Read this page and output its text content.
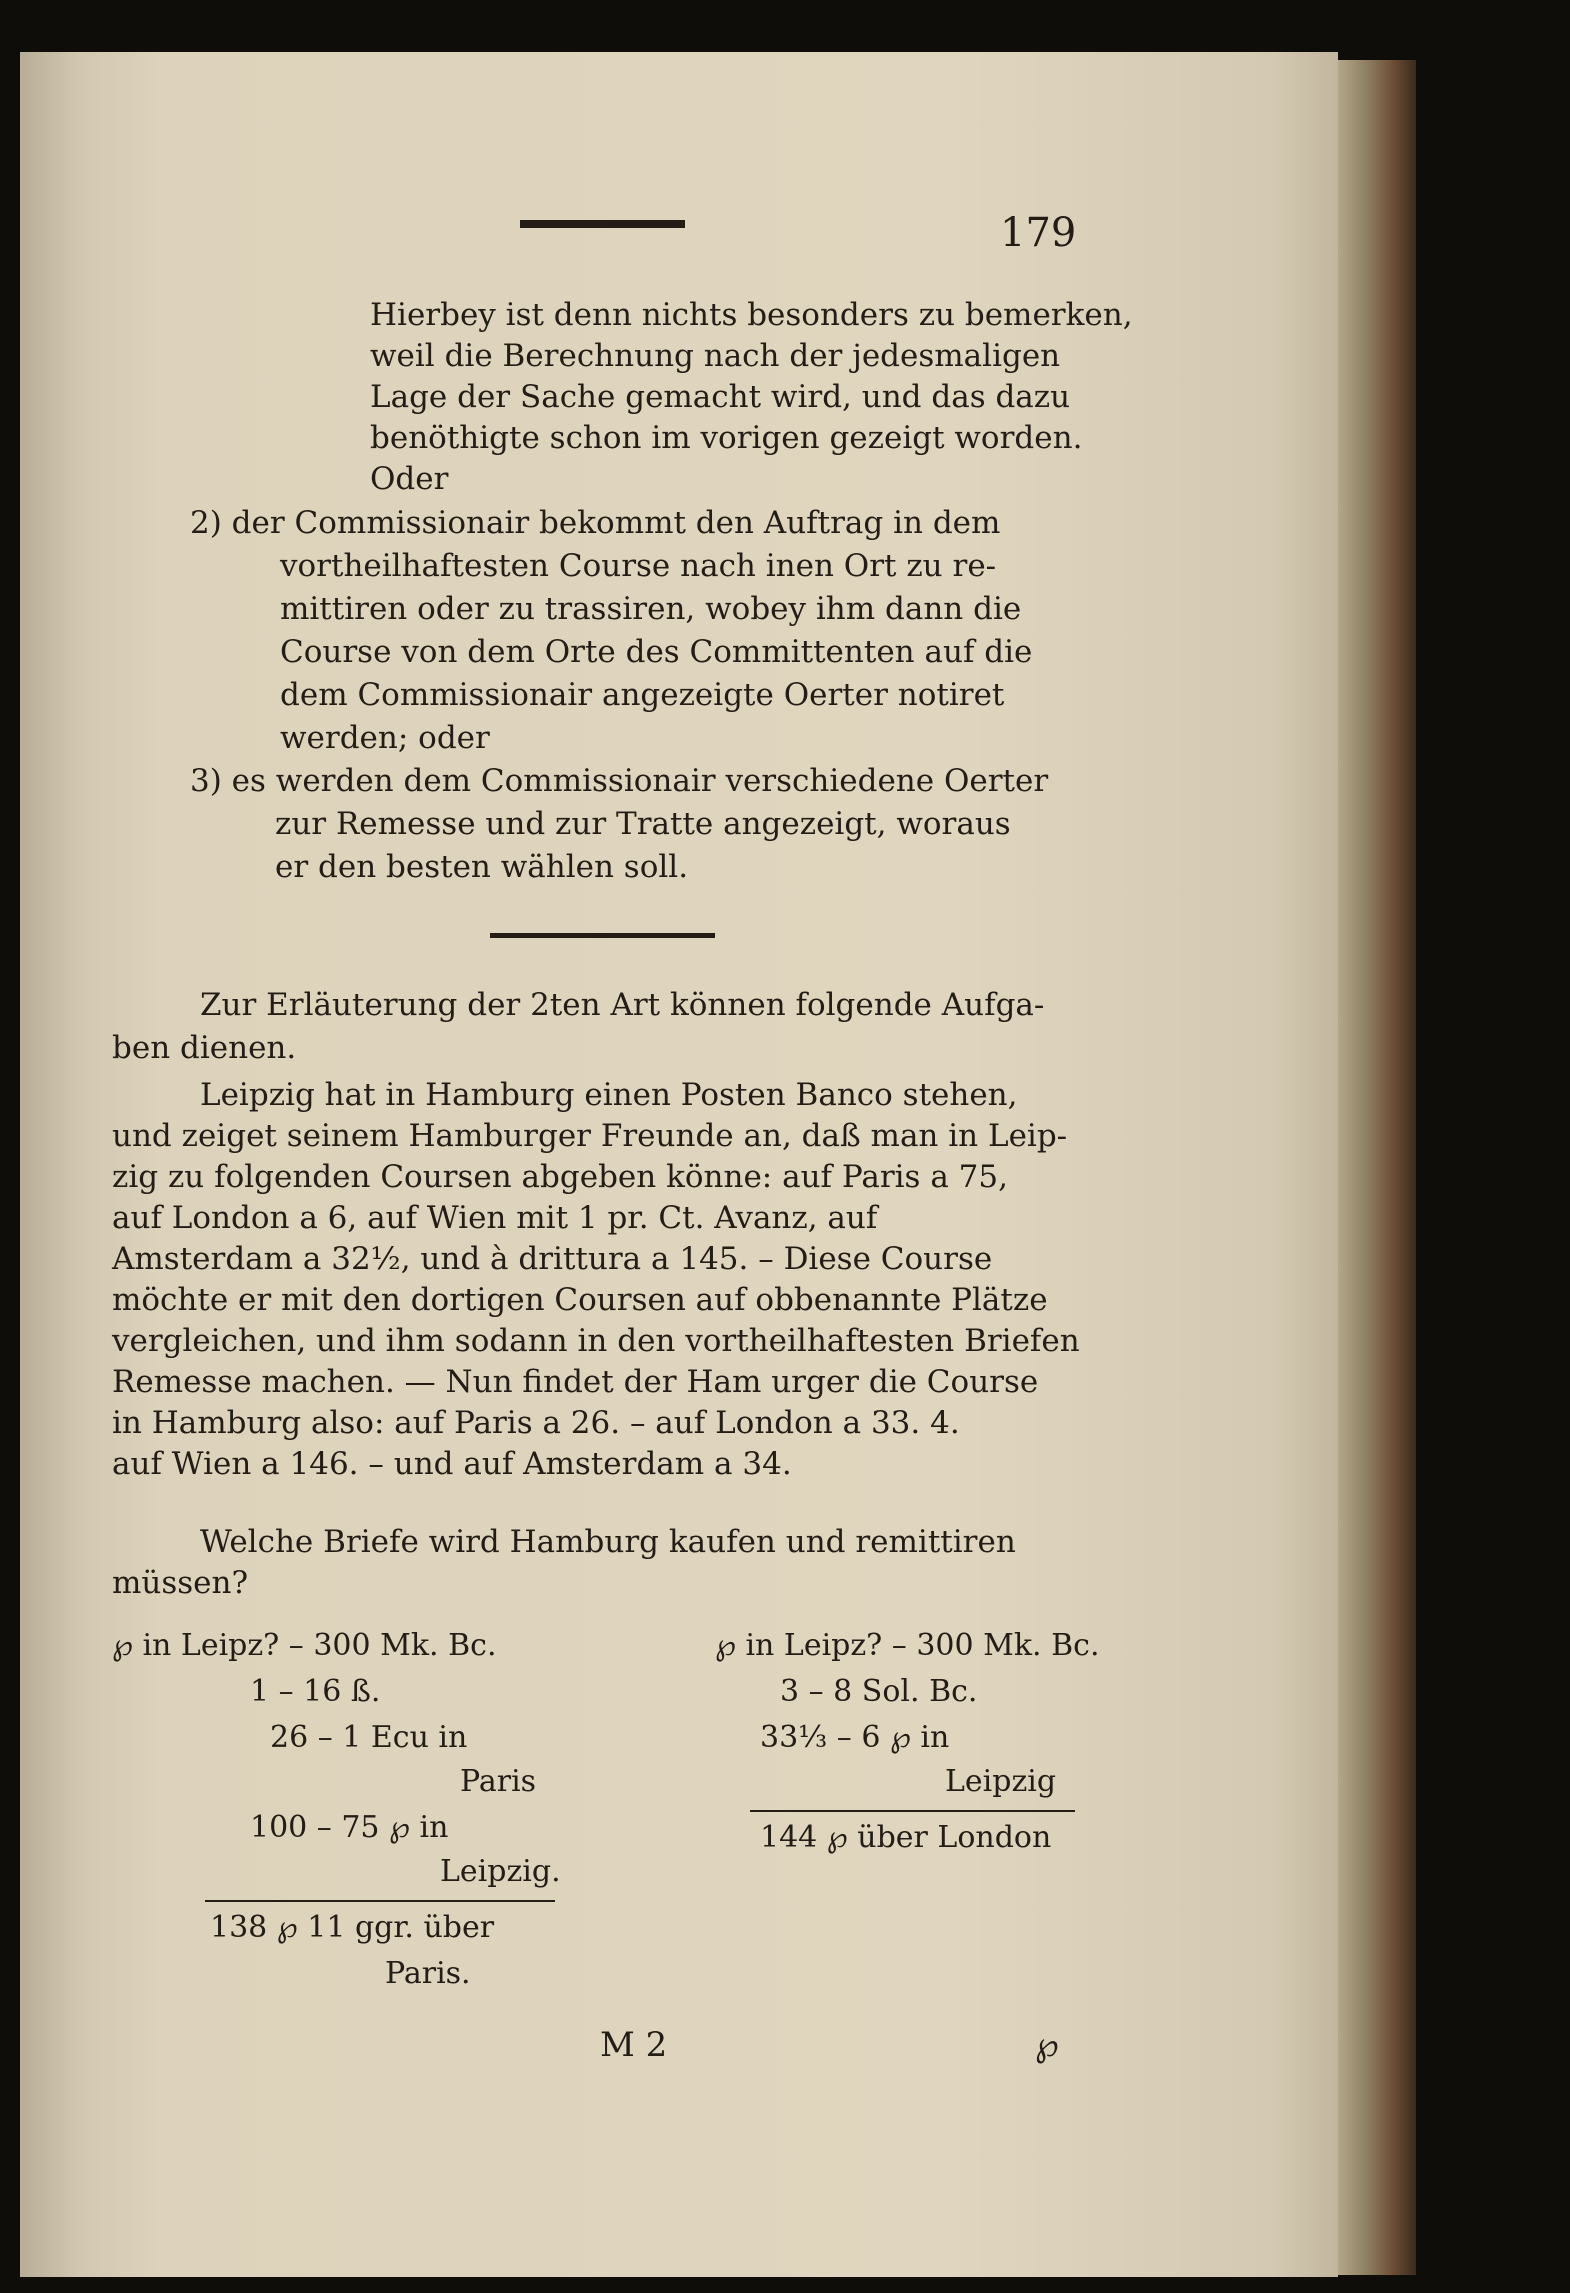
179
Hierbey ist denn nichts besonders zu bemerken,
weil die Berechnung nach der jedesmaligen
Lage der Sache gemacht wird, und das dazu
benöthigte schon im vorigen gezeigt worden.
Oder
2) der Commissionair bekommt den Auftrag in dem
vortheilhaftesten Course nach inen Ort zu re-
mittiren oder zu trassiren, wobey ihm dann die
Course von dem Orte des Committenten auf die
dem Commissionair angezeigte Oerter notiret
werden; oder
3) es werden dem Commissionair verschiedene Oerter
zur Remesse und zur Tratte angezeigt, woraus
er den besten wählen soll.
Zur Erläuterung der 2ten Art können folgende Aufga-
ben dienen.
Leipzig hat in Hamburg einen Posten Banco stehen,
und zeiget seinem Hamburger Freunde an, daß man in Leip-
zig zu folgenden Coursen abgeben könne: auf Paris a 75,
auf London a 6, auf Wien mit 1 pr. Ct. Avanz, auf
Amsterdam a 32½, und à drittura a 145. – Diese Course
möchte er mit den dortigen Coursen auf obbenannte Plätze
vergleichen, und ihm sodann in den vortheilhaftesten Briefen
Remesse machen. — Nun findet der Ham urger die Course
in Hamburg also: auf Paris a 26. – auf London a 33. 4.
auf Wien a 146. – und auf Amsterdam a 34.
Welche Briefe wird Hamburg kaufen und remittiren
müssen?
℘ in Leipz? – 300 Mk. Bc.
1 – 16 ß.
26 – 1 Ecu in
Paris
100 – 75 ℘ in
Leipzig.
138 ℘ 11 ggr. über
Paris.
℘ in Leipz? – 300 Mk. Bc.
3 – 8 Sol. Bc.
33⅓ – 6 ℘ in
Leipzig
144 ℘ über London
M 2	℘
